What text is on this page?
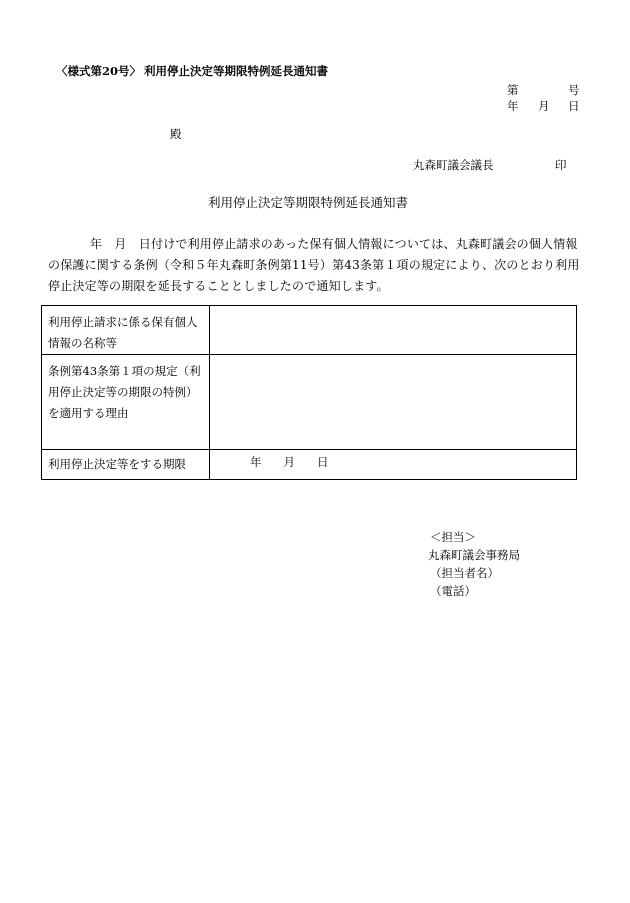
〈様式第20号〉 利用停止決定等期限特例延長通知書
第	号
年 月 日
殿
丸森町議会議長	印
利用停止決定等期限特例延長通知書
年　月　日付けで利用停止請求のあった保有個人情報については、丸森町議会の個人情報の保護に関する条例（令和５年丸森町条例第11号）第43条第１項の規定により、次のとおり利用停止決定等の期限を延長することとしましたので通知します。
利用停止請求に係る保有個人情報の名称等	
条例第43条第１項の規定（利用停止決定等の期限の特例）を適用する理由	
利用停止決定等をする期限	年 月 日
＜担当＞
丸森町議会事務局
（担当者名）
（電話）
